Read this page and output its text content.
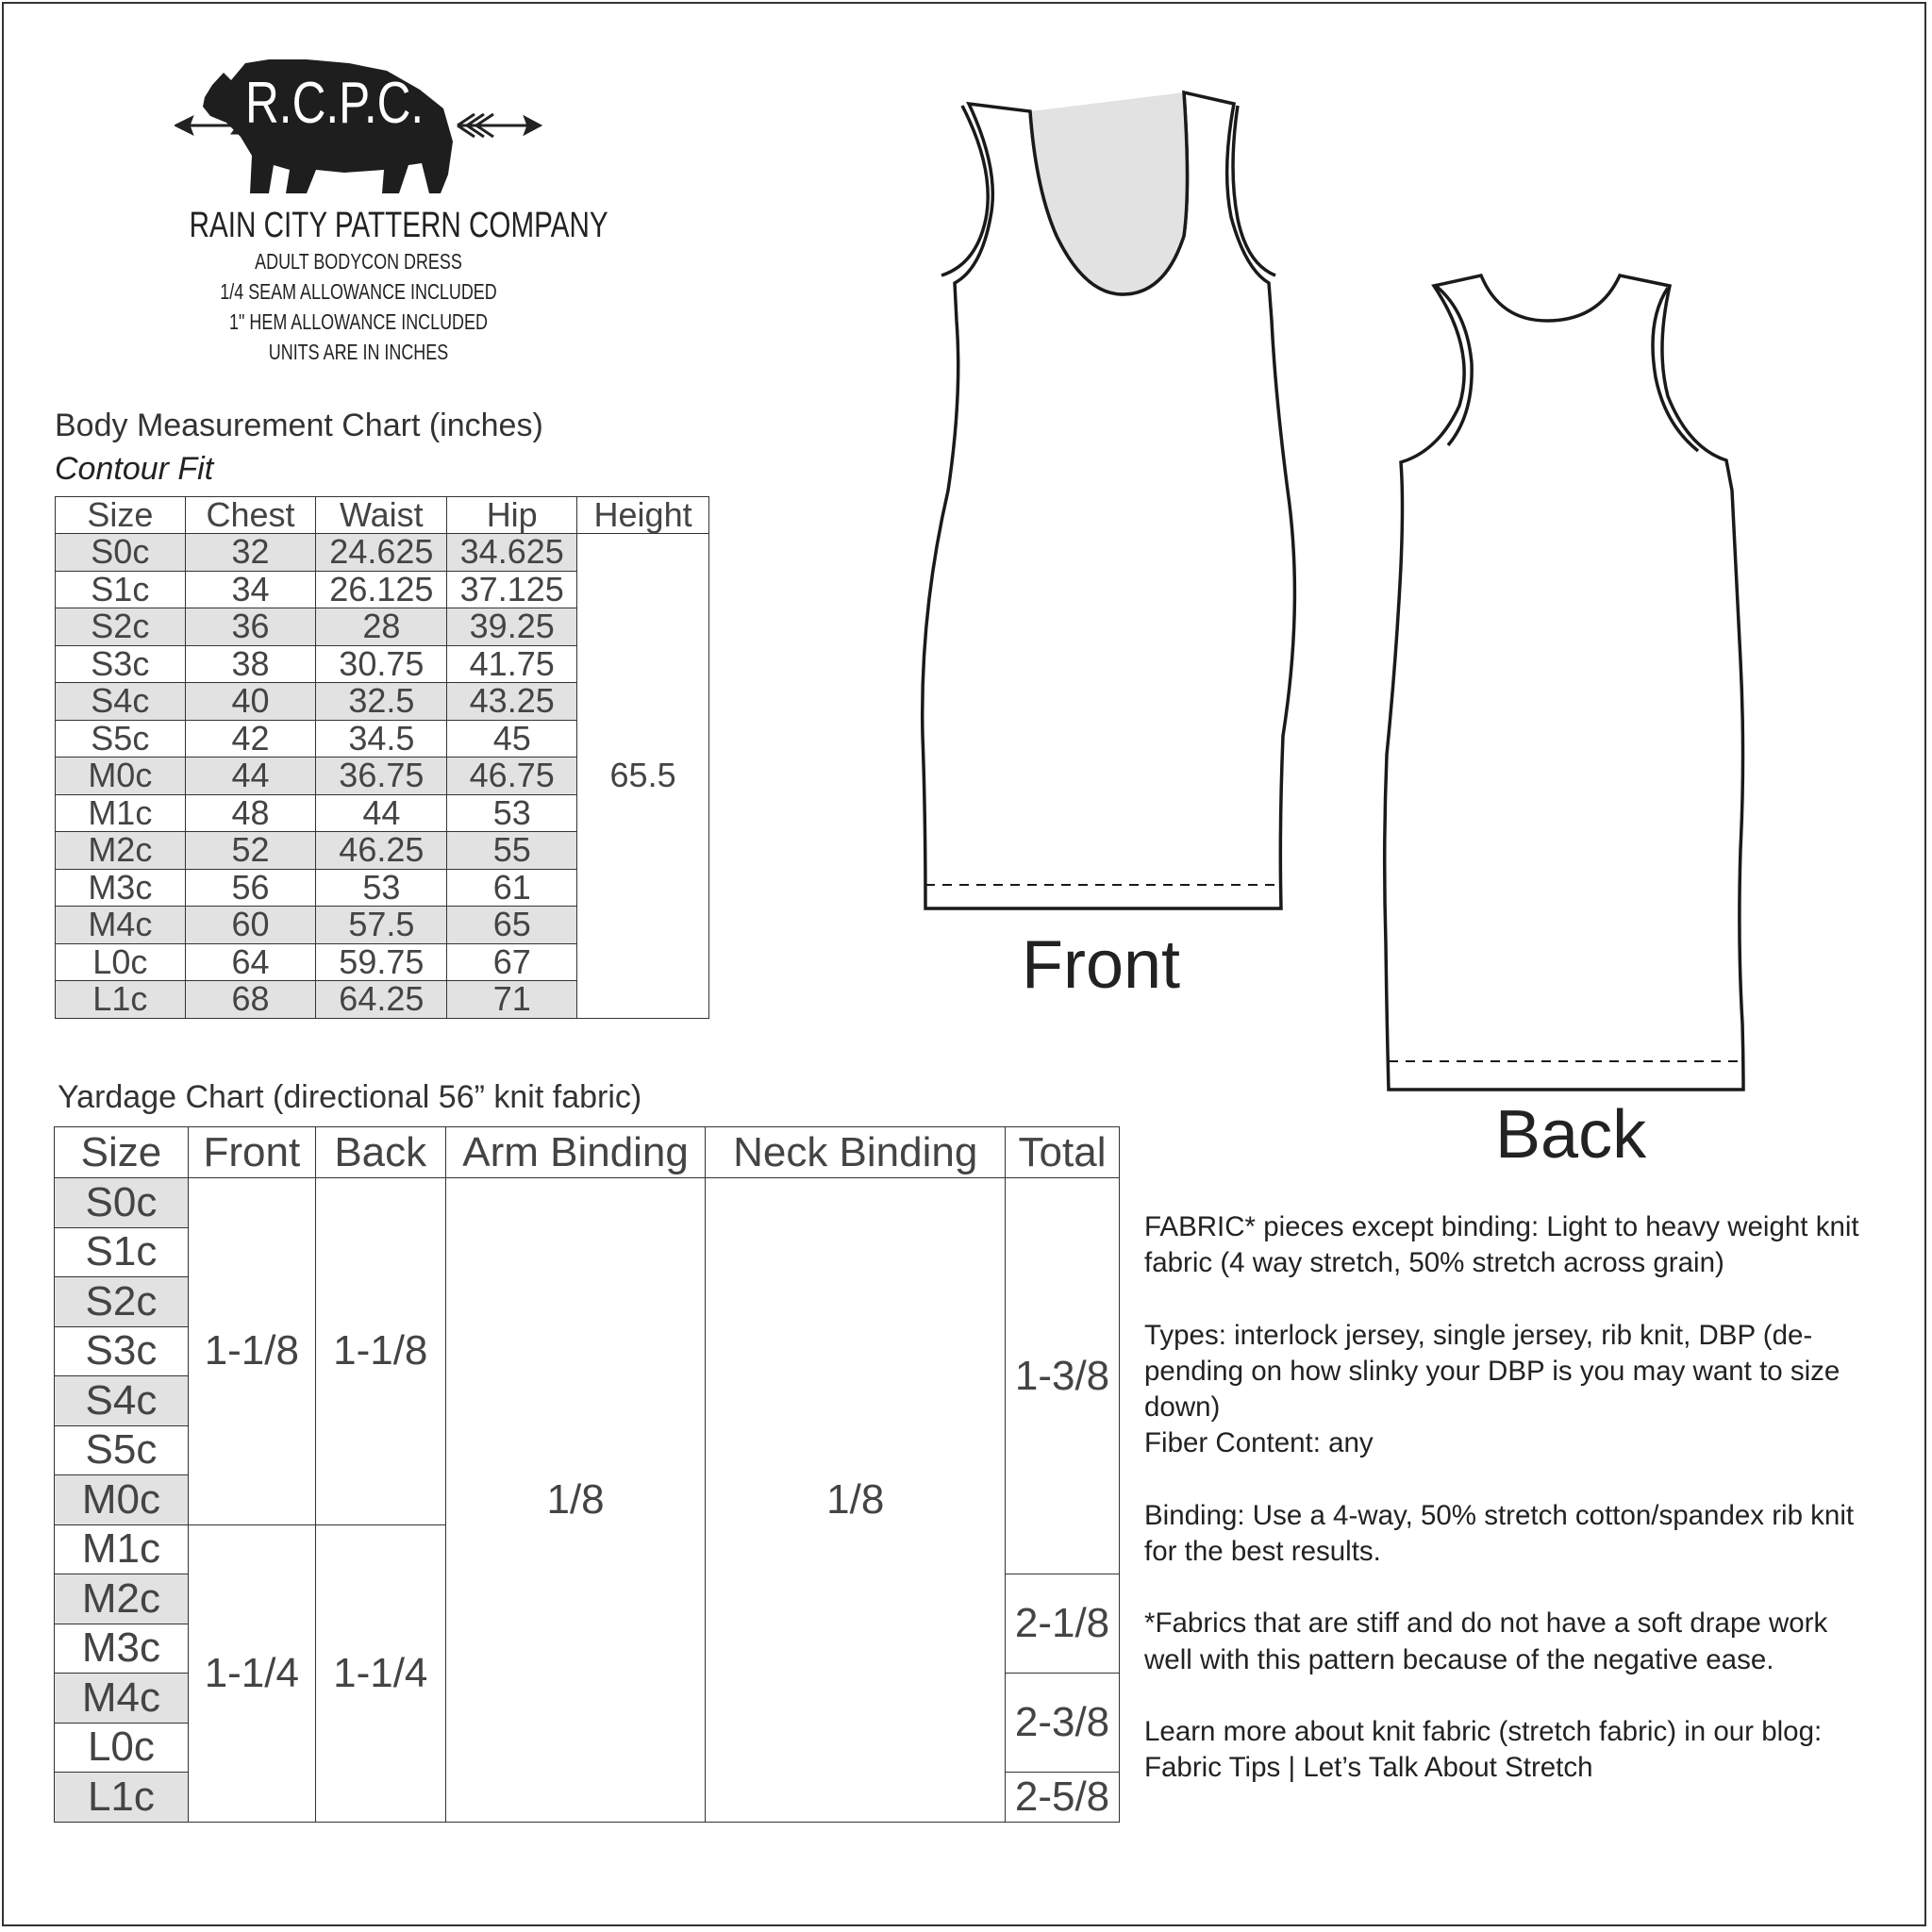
R.C.P.C.
RAIN CITY PATTERN COMPANY
ADULT BODYCON DRESS
1/4 SEAM ALLOWANCE INCLUDED
1" HEM ALLOWANCE INCLUDED
UNITS ARE IN INCHES
Body Measurement Chart (inches)
Contour Fit
Size	Chest	Waist	Hip	Height
S0c	32	24.625	34.625	65.5
S1c	34	26.125	37.125	
S2c	36	28	39.25	
S3c	38	30.75	41.75	
S4c	40	32.5	43.25	
S5c	42	34.5	45	
M0c	44	36.75	46.75	
M1c	48	44	53	
M2c	52	46.25	55	
M3c	56	53	61	
M4c	60	57.5	65	
L0c	64	59.75	67	
L1c	68	64.25	71	
Yardage Chart (directional 56” knit fabric)
Size	Front	Back	Arm Binding	Neck Binding	Total
S0c	1-1/8	1-1/8	1/8	1/8	1-3/8
S1c					
S2c					
S3c					
S4c					
S5c					
M0c					
M1c	1-1/4	1-1/4			
M2c					2-1/8
M3c					
M4c					2-3/8
L0c					
L1c					2-5/8
Front
Back

FABRIC* pieces except binding: Light to heavy weight knit fabric (4 way stretch, 50% stretch across grain)

Types: interlock jersey, single jersey, rib knit, DBP (de-pending on how slinky your DBP is you may want to size down)

Fiber Content: any

Binding: Use a 4-way, 50% stretch cotton/spandex rib knit for the best results.

*Fabrics that are stiff and do not have a soft drape work well with this pattern because of the negative ease.

Learn more about knit fabric (stretch fabric) in our blog: Fabric Tips | Let’s Talk About Stretch
